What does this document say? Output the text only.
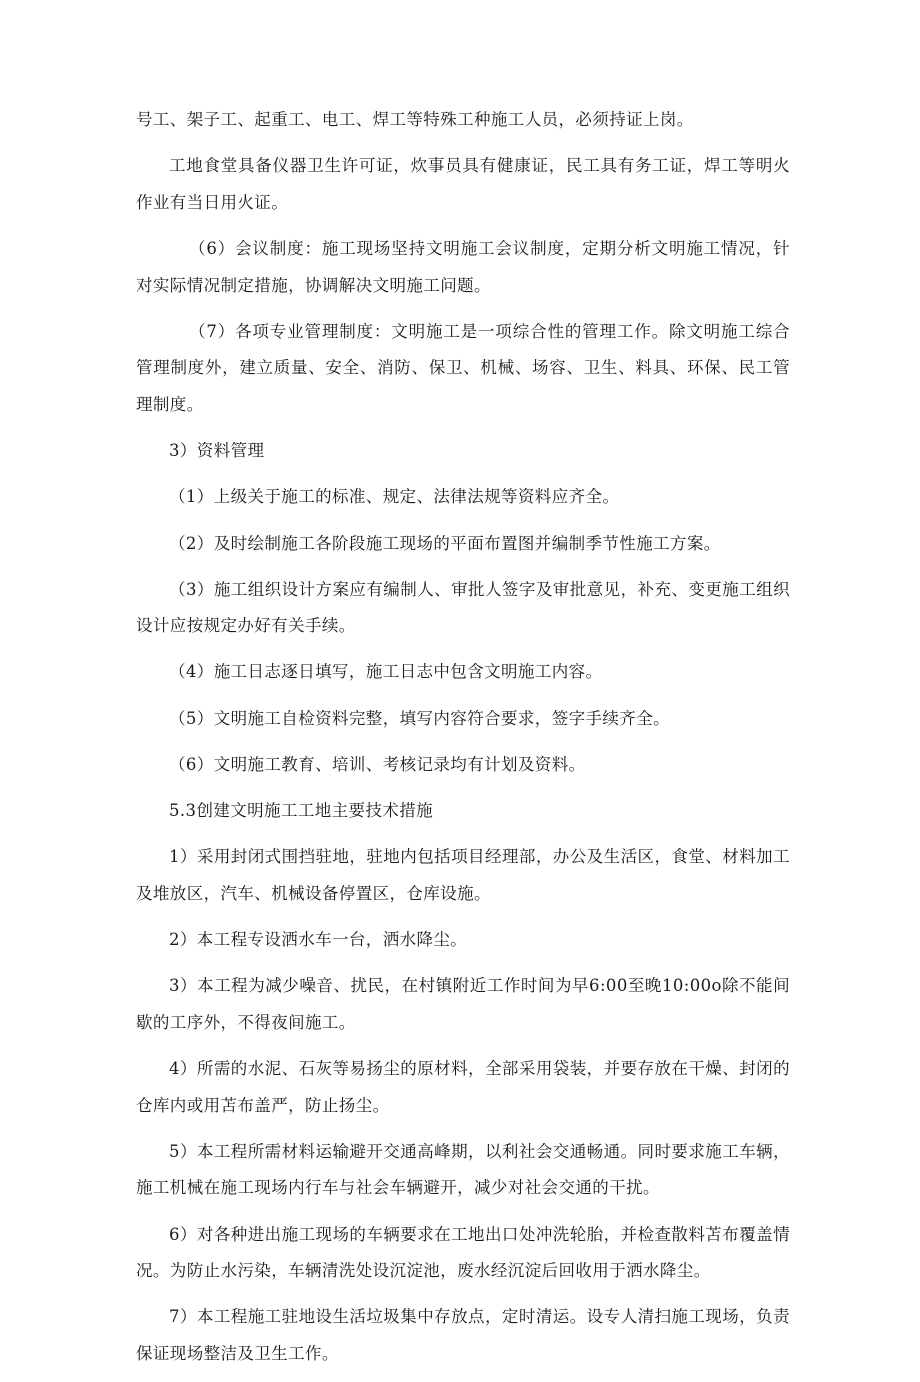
号工、架子工、起重工、电工、焊工等特殊工种施工人员，必须持证上岗。

工地食堂具备仪器卫生许可证，炊事员具有健康证，民工具有务工证，焊工等明火作业有当日用火证。

（6）会议制度：施工现场坚持文明施工会议制度，定期分析文明施工情况，针对实际情况制定措施，协调解决文明施工问题。

（7）各项专业管理制度：文明施工是一项综合性的管理工作。除文明施工综合管理制度外，建立质量、安全、消防、保卫、机械、场容、卫生、料具、环保、民工管理制度。

3）资料管理

（1）上级关于施工的标准、规定、法律法规等资料应齐全。

（2）及时绘制施工各阶段施工现场的平面布置图并编制季节性施工方案。

（3）施工组织设计方案应有编制人、审批人签字及审批意见，补充、变更施工组织设计应按规定办好有关手续。

（4）施工日志逐日填写，施工日志中包含文明施工内容。

（5）文明施工自检资料完整，填写内容符合要求，签字手续齐全。

（6）文明施工教育、培训、考核记录均有计划及资料。

5.3创建文明施工工地主要技术措施

1）采用封闭式围挡驻地，驻地内包括项目经理部，办公及生活区，食堂、材料加工及堆放区，汽车、机械设备停置区，仓库设施。

2）本工程专设洒水车一台，洒水降尘。

3）本工程为减少噪音、扰民，在村镇附近工作时间为早6:00至晚10:00o除不能间歇的工序外，不得夜间施工。

4）所需的水泥、石灰等易扬尘的原材料，全部采用袋装，并要存放在干燥、封闭的仓库内或用苫布盖严，防止扬尘。

5）本工程所需材料运输避开交通高峰期，以利社会交通畅通。同时要求施工车辆，施工机械在施工现场内行车与社会车辆避开，减少对社会交通的干扰。

6）对各种进出施工现场的车辆要求在工地出口处冲洗轮胎，并检查散料苫布覆盖情况。为防止水污染，车辆清洗处设沉淀池，废水经沉淀后回收用于洒水降尘。

7）本工程施工驻地设生活垃圾集中存放点，定时清运。设专人清扫施工现场，负责保证现场整洁及卫生工作。
